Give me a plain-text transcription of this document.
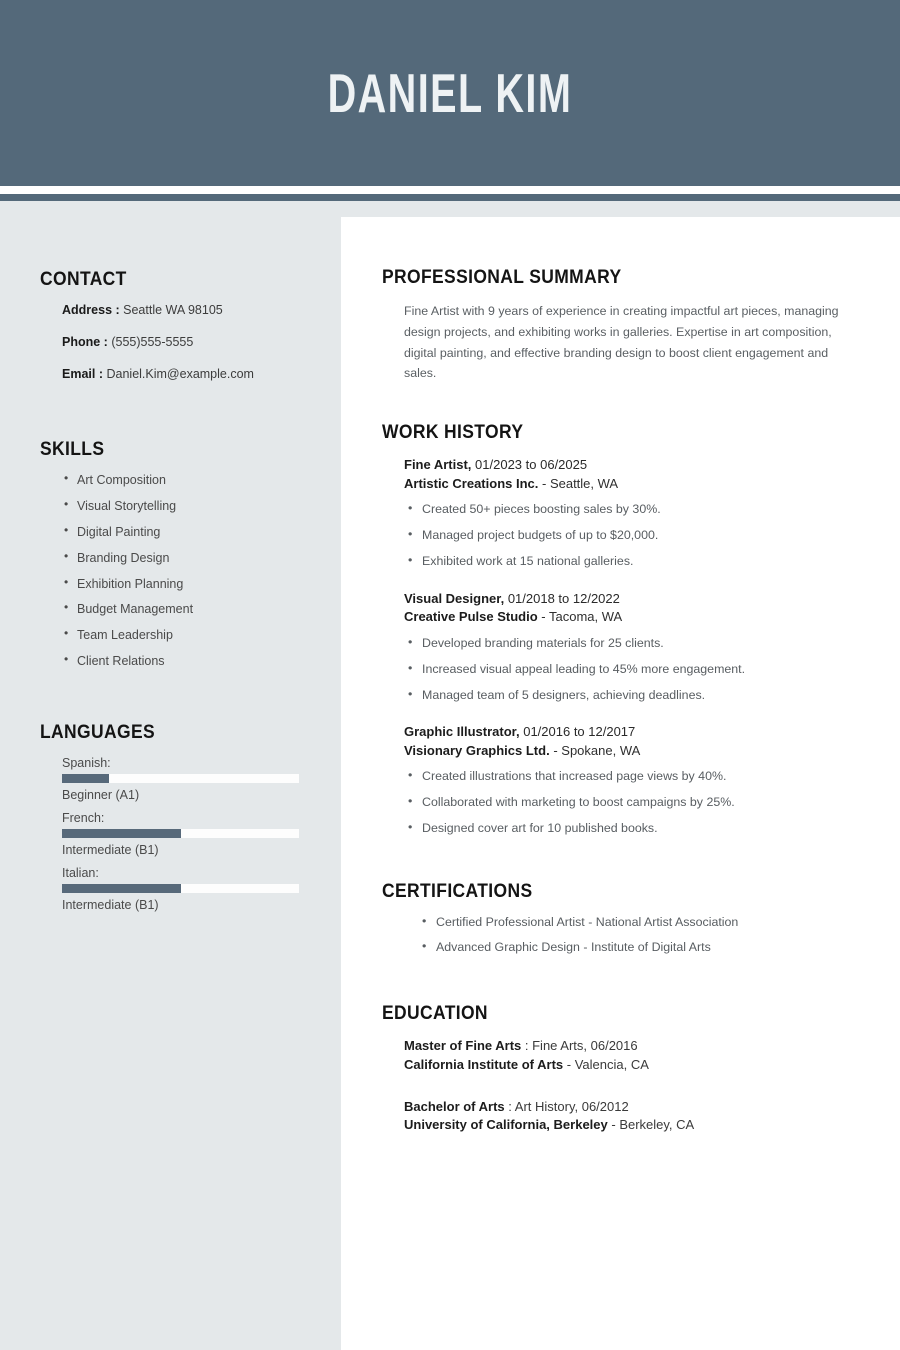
DANIEL KIM
CONTACT
Address : Seattle WA 98105
Phone : (555)555-5555
Email : Daniel.Kim@example.com
SKILLS
• Art Composition
• Visual Storytelling
• Digital Painting
• Branding Design
• Exhibition Planning
• Budget Management
• Team Leadership
• Client Relations
LANGUAGES
Spanish:
Beginner (A1)
French:
Intermediate (B1)
Italian:
Intermediate (B1)
PROFESSIONAL SUMMARY

Fine Artist with 9 years of experience in creating impactful art pieces, managing design projects, and exhibiting works in galleries. Expertise in art composition, digital painting, and effective branding design to boost client engagement and sales.

WORK HISTORY
Fine Artist, 01/2023 to 06/2025
Artistic Creations Inc. - Seattle, WA
• Created 50+ pieces boosting sales by 30%.
• Managed project budgets of up to $20,000.
• Exhibited work at 15 national galleries.
Visual Designer, 01/2018 to 12/2022
Creative Pulse Studio - Tacoma, WA
• Developed branding materials for 25 clients.
• Increased visual appeal leading to 45% more engagement.
• Managed team of 5 designers, achieving deadlines.
Graphic Illustrator, 01/2016 to 12/2017
Visionary Graphics Ltd. - Spokane, WA
• Created illustrations that increased page views by 40%.
• Collaborated with marketing to boost campaigns by 25%.
• Designed cover art for 10 published books.
CERTIFICATIONS
• Certified Professional Artist - National Artist Association
• Advanced Graphic Design - Institute of Digital Arts
EDUCATION
Master of Fine Arts : Fine Arts, 06/2016
California Institute of Arts - Valencia, CA
Bachelor of Arts : Art History, 06/2012
University of California, Berkeley - Berkeley, CA
